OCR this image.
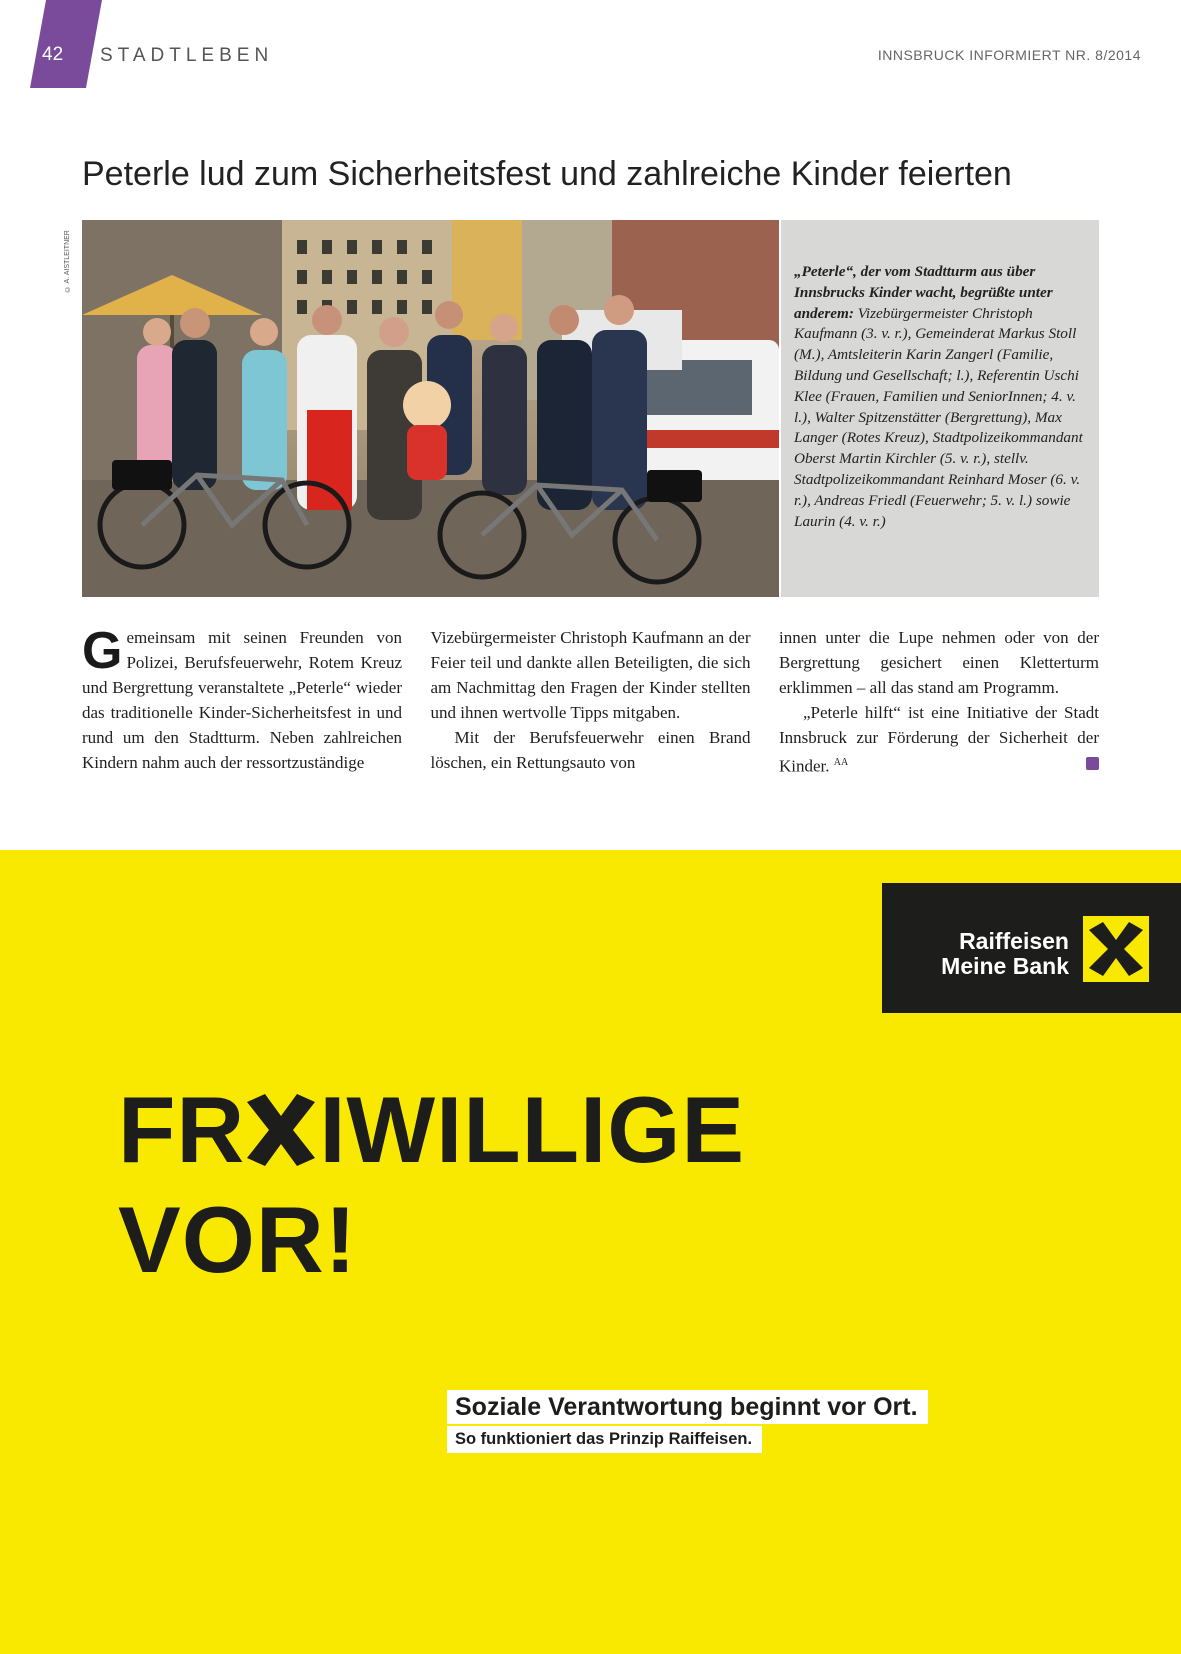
42 STADTLEBEN	INNSBRUCK INFORMIERT NR. 8/2014
Peterle lud zum Sicherheitsfest und zahlreiche Kinder feierten
© A. AISTLEITNER	„Peterle“, der vom Stadtturm aus über Innsbrucks Kinder wacht, begrüßte unter anderem: Vizebürgermeister Christoph Kaufmann (3. v. r.), Gemeinderat Markus Stoll (M.), Amtsleiterin Karin Zangerl (Familie, Bildung und Gesellschaft; l.), Referentin Uschi Klee (Frauen, Familien und SeniorInnen; 4. v. l.), Walter Spitzenstätter (Bergrettung), Max Langer (Rotes Kreuz), Stadtpolizeikommandant Oberst Martin Kirchler (5. v. r.), stellv. Stadtpolizeikommandant Reinhard Moser (6. v. r.), Andreas Friedl (Feuerwehr; 5. v. l.) sowie Laurin (4. v. r.)

Gemeinsam mit seinen Freunden von Polizei, Berufsfeuerwehr, Rotem Kreuz und Bergrettung veranstaltete „Peterle“ wieder das traditionelle Kinder-Sicherheitsfest in und rund um den Stadtturm. Neben zahlreichen Kindern nahm auch der ressortzuständige

Vizebürgermeister Christoph Kaufmann an der Feier teil und dankte allen Beteiligten, die sich am Nachmittag den Fragen der Kinder stellten und ihnen wertvolle Tipps mitgaben.

Mit der Berufsfeuerwehr einen Brand löschen, ein Rettungsauto von

innen unter die Lupe nehmen oder von der Bergrettung gesichert einen Kletterturm erklimmen – all das stand am Programm.

„Peterle hilft“ ist eine Initiative der Stadt Innsbruck zur Förderung der Sicherheit der Kinder. $^{AA}$

Raiffeisen
Meine Bank
FR IWILLIGE
VOR!
Soziale Verantwortung beginnt vor Ort.
So funktioniert das Prinzip Raiffeisen.
